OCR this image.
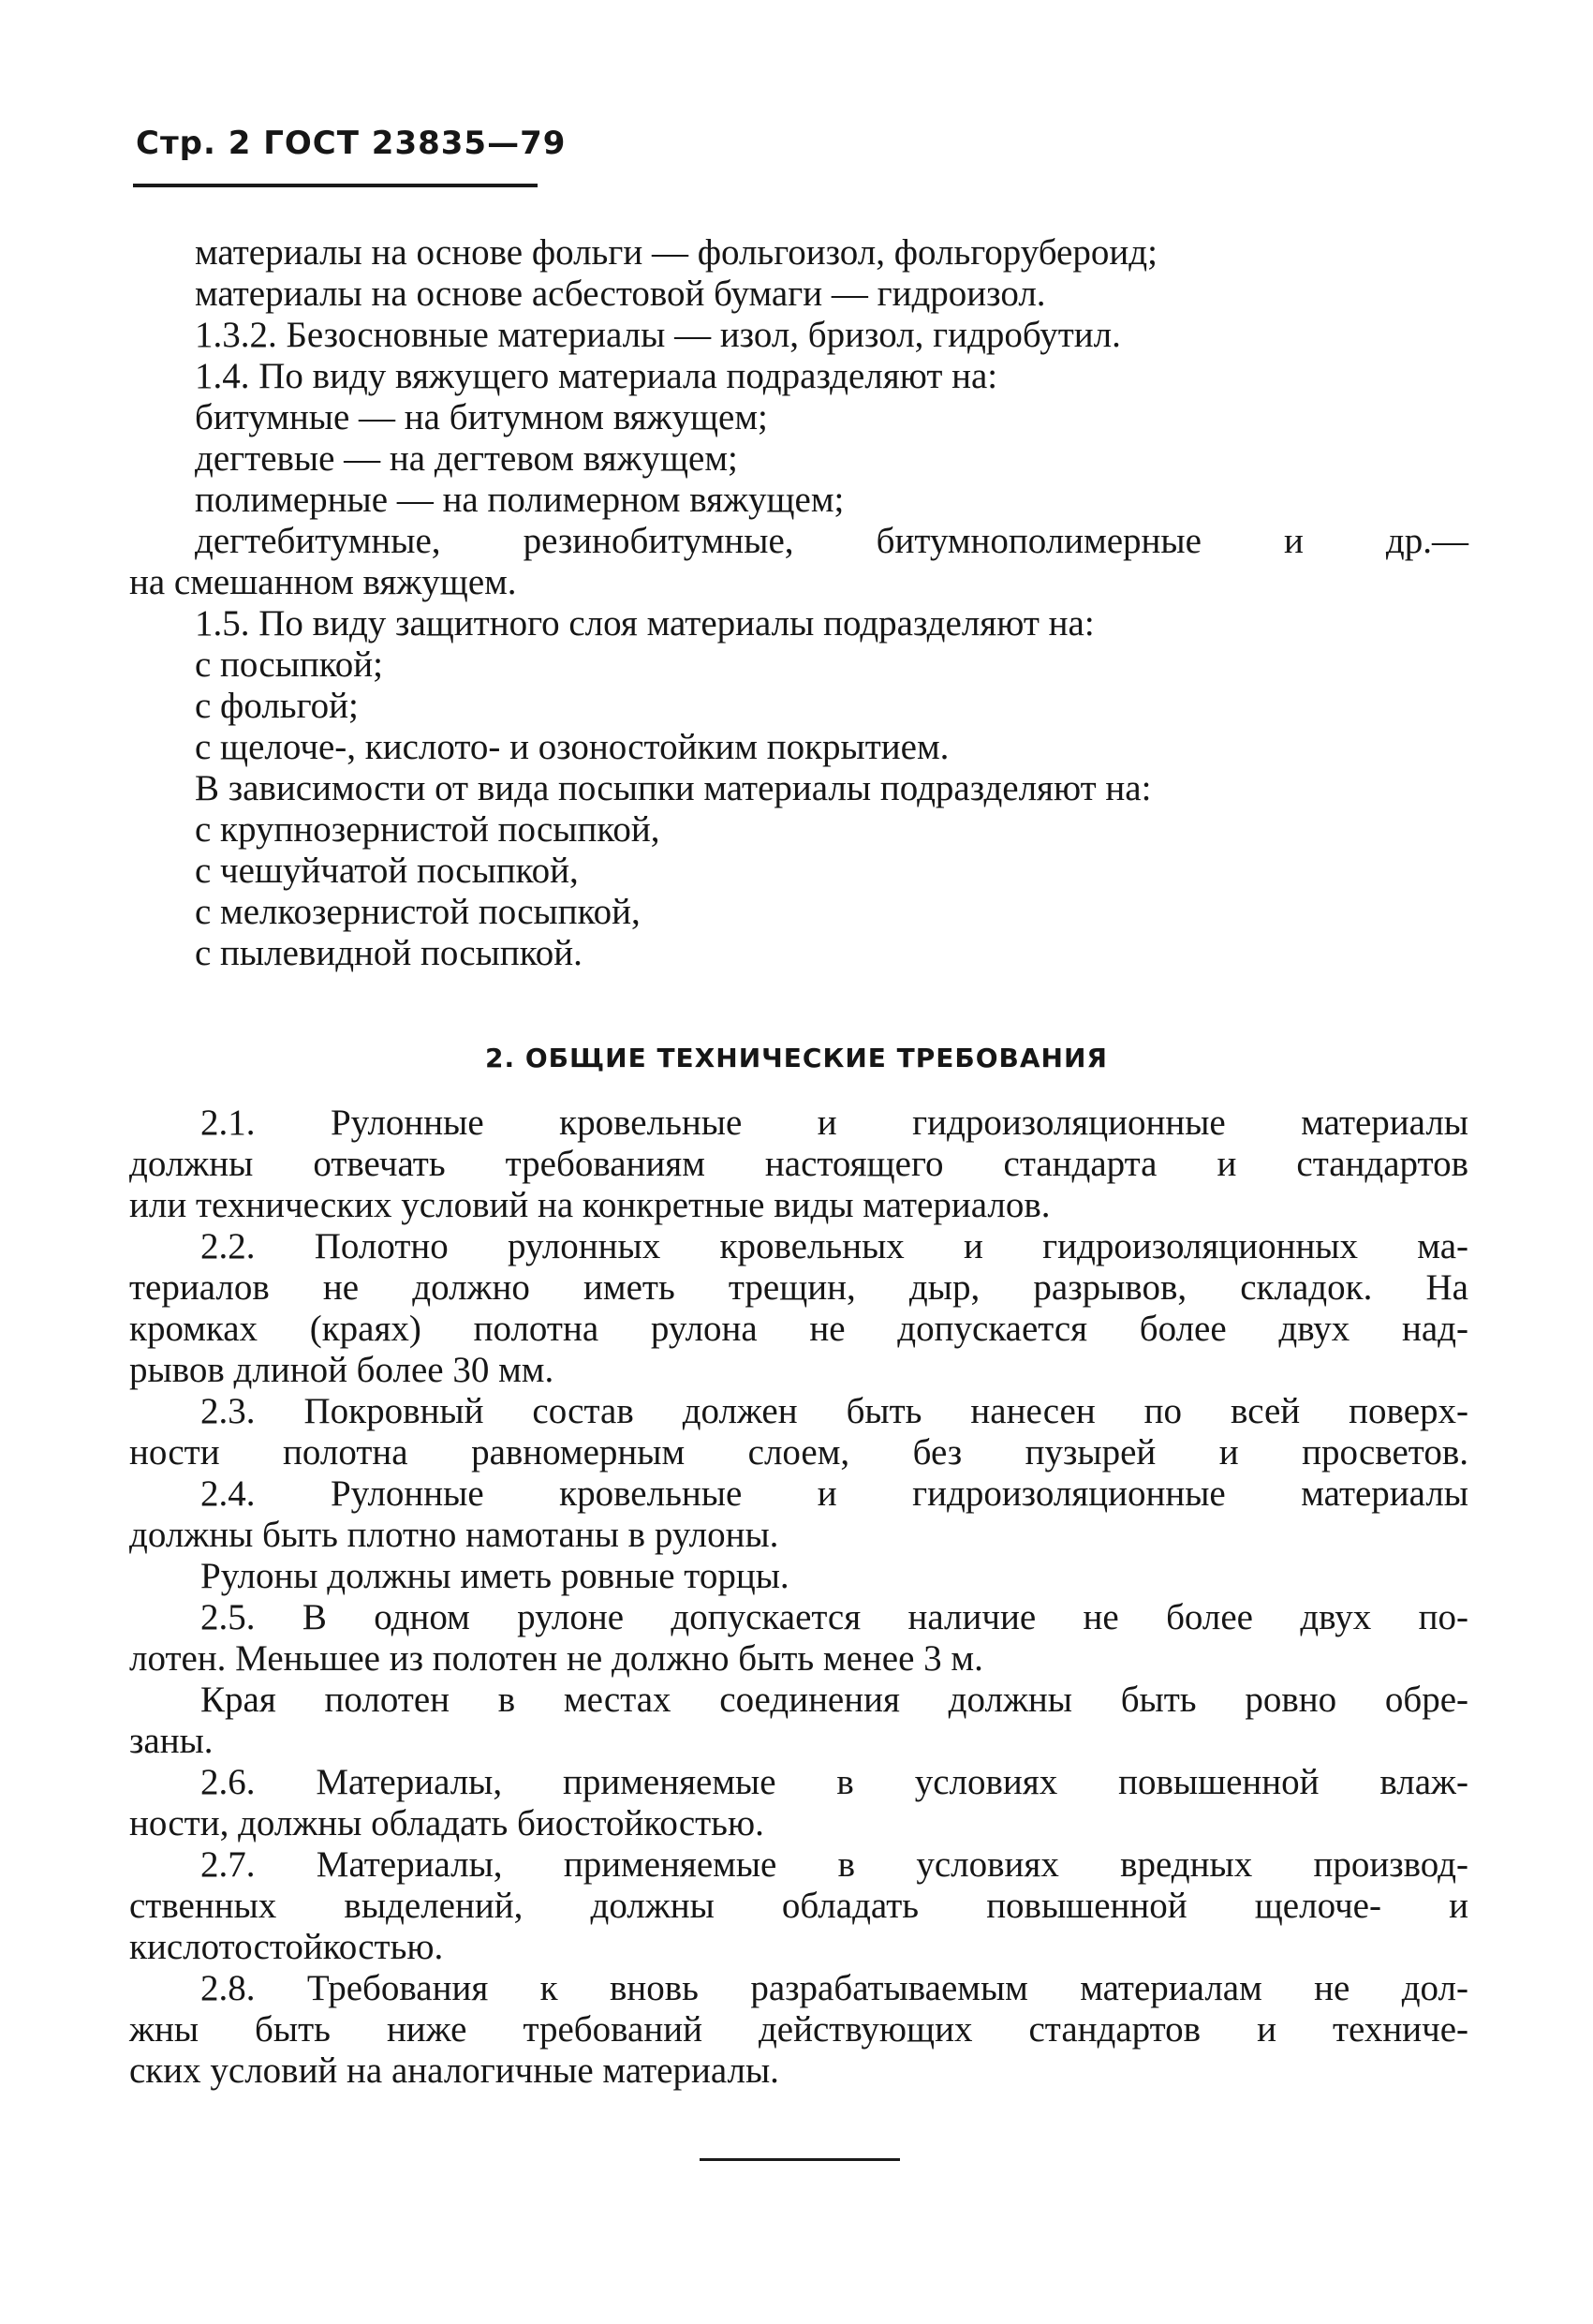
Стр. 2 ГОСТ 23835—79
материалы на основе фольги — фольгоизол, фольгорубероид;
материалы на основе асбестовой бумаги — гидроизол.
1.3.2. Безосновные материалы — изол, бризол, гидробутил.
1.4. По виду вяжущего материала подразделяют на:
битумные — на битумном вяжущем;
дегтевые — на дегтевом вяжущем;
полимерные — на полимерном вяжущем;
дегтебитумные, резинобитумные, битумнополимерные и др.—
на смешанном вяжущем.
1.5. По виду защитного слоя материалы подразделяют на:
с посыпкой;
с фольгой;
с щелоче-, кислото- и озоностойким покрытием.
В зависимости от вида посыпки материалы подразделяют на:
с крупнозернистой посыпкой,
с чешуйчатой посыпкой,
с мелкозернистой посыпкой,
с пылевидной посыпкой.
2. ОБЩИЕ ТЕХНИЧЕСКИЕ ТРЕБОВАНИЯ
2.1. Рулонные кровельные и гидроизоляционные материалы
должны отвечать требованиям настоящего стандарта и стандартов
или технических условий на конкретные виды материалов.
2.2. Полотно рулонных кровельных и гидроизоляционных ма-
териалов не должно иметь трещин, дыр, разрывов, складок. На
кромках (краях) полотна рулона не допускается более двух над-
рывов длиной более 30 мм.
2.3. Покровный состав должен быть нанесен по всей поверх-
ности полотна равномерным слоем, без пузырей и просветов.
2.4. Рулонные кровельные и гидроизоляционные материалы
должны быть плотно намотаны в рулоны.
Рулоны должны иметь ровные торцы.
2.5. В одном рулоне допускается наличие не более двух по-
лотен. Меньшее из полотен не должно быть менее 3 м.
Края полотен в местах соединения должны быть ровно обре-
заны.
2.6. Материалы, применяемые в условиях повышенной влаж-
ности, должны обладать биостойкостью.
2.7. Материалы, применяемые в условиях вредных производ-
ственных выделений, должны обладать повышенной щелоче- и
кислотостойкостью.
2.8. Требования к вновь разрабатываемым материалам не дол-
жны быть ниже требований действующих стандартов и техниче-
ских условий на аналогичные материалы.
